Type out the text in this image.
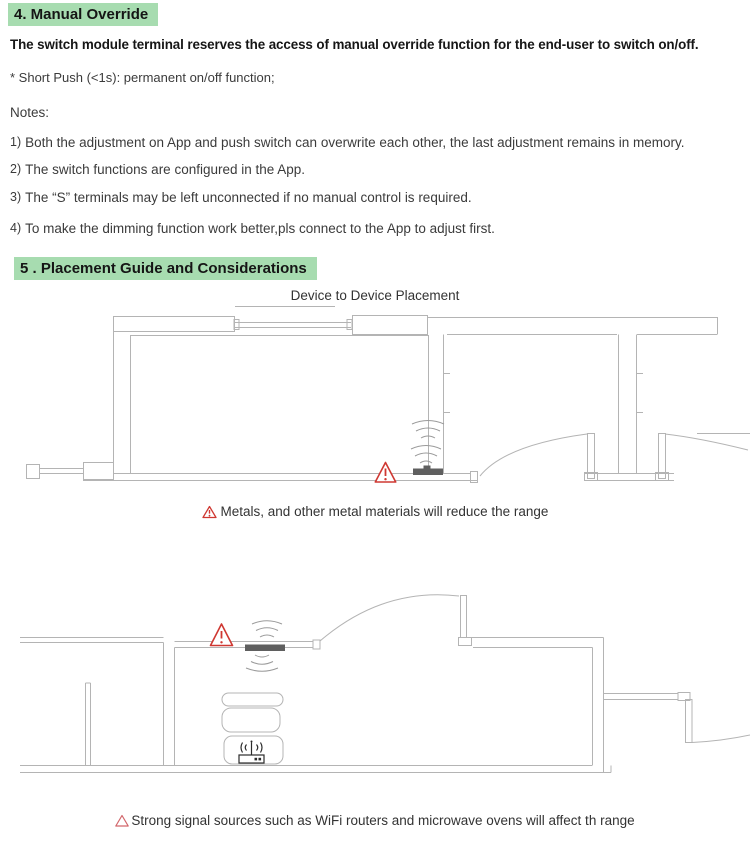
4. Manual Override
The switch module terminal reserves the access of manual override function for the end-user to switch on/off.
* Short Push (<1s): permanent on/off function;
Notes:
1) Both the adjustment on App and push switch can overwrite each other, the last adjustment remains in memory.
2) The switch functions are configured in the App.
3) The “S” terminals may be left unconnected if no manual control is required.
4) To make the dimming function work better,pls connect to the App to adjust first.
5 . Placement Guide and Considerations
Device to Device Placement
Metals, and other metal materials will reduce the range
Strong signal sources such as WiFi routers and microwave ovens will affect th range
